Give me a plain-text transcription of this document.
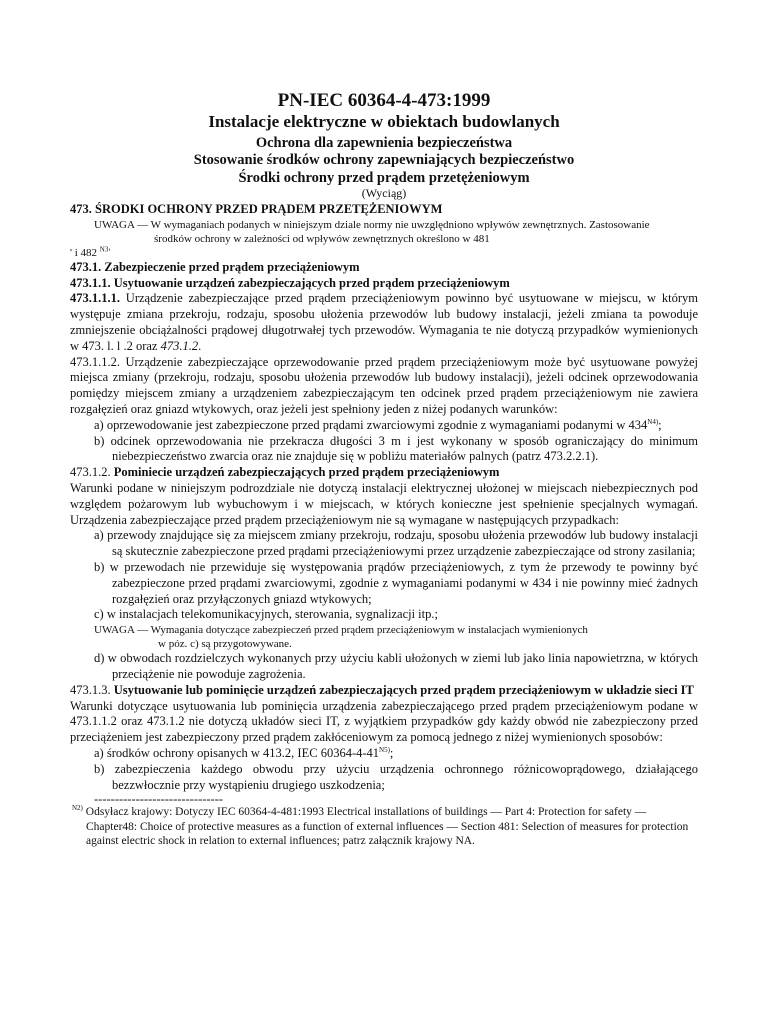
PN-IEC 60364-4-473:1999
Instalacje elektryczne w obiektach budowlanych
Ochrona dla zapewnienia bezpieczeństwa
Stosowanie środków ochrony zapewniających bezpieczeństwo
Środki ochrony przed prądem przetężeniowym
(Wyciąg)

473. ŚRODKI OCHRONY PRZED PRĄDEM PRZETĘŻENIOWYM

UWAGA — W wymaganiach podanych w niniejszym dziale normy nie uwzględniono wpływów zewnętrznych. Zastosowanie

środków ochrony w zależności od wpływów zewnętrznych określono w 481

' i 482 $^{N3›}$

473.1. Zabezpieczenie przed prądem przeciążeniowym

473.1.1. Usytuowanie urządzeń zabezpieczających przed prądem przeciążeniowym

473.1.1.1. Urządzenie zabezpieczające przed prądem przeciążeniowym powinno być usytuowane w miejscu, w którym występuje zmiana przekroju, rodzaju, sposobu ułożenia przewodów lub budowy instalacji, jeżeli zmiana ta powoduje zmniejszenie obciążalności prądowej długotrwałej tych przewodów. Wymagania te nie dotyczą przypadków wymienionych w 473. l. l .2 oraz 473.1.2.

473.1.1.2. Urządzenie zabezpieczające oprzewodowanie przed prądem przeciążeniowym może być usytuowane powyżej miejsca zmiany (przekroju, rodzaju, sposobu ułożenia przewodów lub budowy instalacji), jeżeli odcinek oprzewodowania pomiędzy miejscem zmiany a urządzeniem zabezpieczającym ten odcinek przed prądem przeciążeniowym nie zawiera rozgałęzień oraz gniazd wtykowych, oraz jeżeli jest spełniony jeden z niżej podanych warunków:

a) oprzewodowanie jest zabezpieczone przed prądami zwarciowymi zgodnie z wymaganiami podanymi w $434^{N4)}$;

b) odcinek oprzewodowania nie przekracza długości 3 m i jest wykonany w sposób ograniczający do minimum niebezpieczeństwo zwarcia oraz nie znajduje się w pobliżu materiałów palnych (patrz 473.2.2.1).

473.1.2. Pominiecie urządzeń zabezpieczających przed prądem przeciążeniowym

Warunki podane w niniejszym podrozdziale nie dotyczą instalacji elektrycznej ułożonej w miejscach niebezpiecznych pod względem pożarowym lub wybuchowym i w miejscach, w których konieczne jest spełnienie specjalnych wymagań. Urządzenia zabezpieczające przed prądem przeciążeniowym nie są wymagane w następujących przypadkach:

a) przewody znajdujące się za miejscem zmiany przekroju, rodzaju, sposobu ułożenia przewodów lub budowy instalacji są skutecznie zabezpieczone przed prądami przeciążeniowymi przez urządzenie zabezpieczające od strony zasilania;

b) w przewodach nie przewiduje się występowania prądów przeciążeniowych, z tym że przewody te powinny być zabezpieczone przed prądami zwarciowymi, zgodnie z wymaganiami podanymi w 434 i nie powinny mieć żadnych rozgałęzień oraz przyłączonych gniazd wtykowych;

c) w instalacjach telekomunikacyjnych, sterowania, sygnalizacji itp.;

UWAGA — Wymagania dotyczące zabezpieczeń przed prądem przeciążeniowym w instalacjach wymienionych

w póz. c) są przygotowywane.

d) w obwodach rozdzielczych wykonanych przy użyciu kabli ułożonych w ziemi lub jako linia napowietrzna, w których przeciążenie nie powoduje zagrożenia.

473.1.3. Usytuowanie lub pominięcie urządzeń zabezpieczających przed prądem przeciążeniowym w układzie sieci IT

Warunki dotyczące usytuowania lub pominięcia urządzenia zabezpieczającego przed prądem przeciążeniowym podane w 473.1.1.2 oraz 473.1.2 nie dotyczą układów sieci IT, z wyjątkiem przypadków gdy każdy obwód nie zabezpieczony przed przeciążeniem jest zabezpieczony przed prądem zakłóceniowym za pomocą jednego z niżej wymienionych sposobów:

a) środków ochrony opisanych w 413.2, IEC $60364-4-41^{N5)}$;

b) zabezpieczenia każdego obwodu przy użyciu urządzenia ochronnego różnicowoprądowego, działającego bezzwłocznie przy wystąpieniu drugiego uszkodzenia;

-------------------------------

$^{N2)}$ Odsyłacz krajowy: Dotyczy IEC 60364-4-481:1993 Electrical installations of buildings — Part 4: Protection for safety — Chapter48: Choice of protective measures as a function of external influences — Section 481: Selection of measures for protection against electric shock in relation to external influences; patrz załącznik krajowy NA.
